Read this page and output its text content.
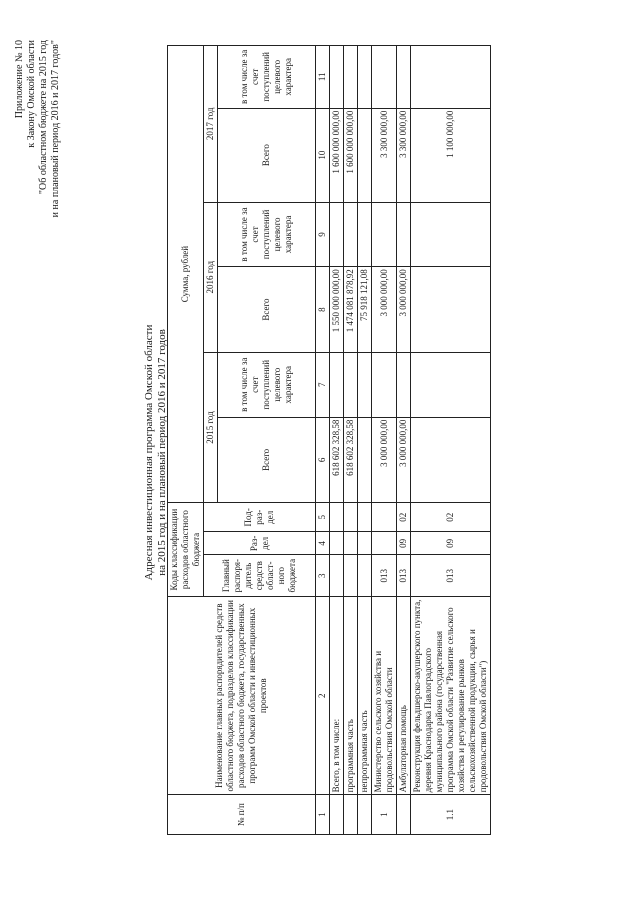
Приложение № 10 к Закону Омской области "Об областном бюджете на 2015 год и на плановый период 2016 и 2017 годов"
Адресная инвестиционная программа Омской области на 2015 год и на плановый период 2016 и 2017 годов
№ п/п	Наименование главных распорядителей средств областного бюджета, подразделов классификации расходов областного бюджета, государственных программ Омской области и инвестиционных проектов	Коды классификации расходов областного бюджета			Сумма, рублей					
		Главный распоря-дитель средств област-ного бюджета	Раз-дел	Под-раз-дел	2015 год		2016 год		2017 год	
					Всего	в том числе за счет поступлений целевого характера	Всего	в том числе за счет поступлений целевого характера	Всего	в том числе за счет поступлений целевого характера
1	2	3	4	5	6	7	8	9	10	11
	Всего, в том числе:				618 602 328,58		1 550 000 000,00		1 600 000 000,00	
	программная часть				618 602 328,58		1 474 081 878,92		1 600 000 000,00	
	непрограммная часть						75 918 121,08			
1	Министерство сельского хозяйства и продовольствия Омской области	013			3 000 000,00		3 000 000,00		3 300 000,00	
	Амбулаторная помощь	013	09	02	3 000 000,00		3 000 000,00		3 300 000,00	
1.1	Реконструкция фельдшерско-акушерского пункта, деревня Краснодарка Павлоградского муниципального района (государственная программа Омской области "Развитие сельского хозяйства и регулирование рынков сельскохозяйственной продукции, сырья и продовольствия Омской области")	013	09	02					1 100 000,00	
